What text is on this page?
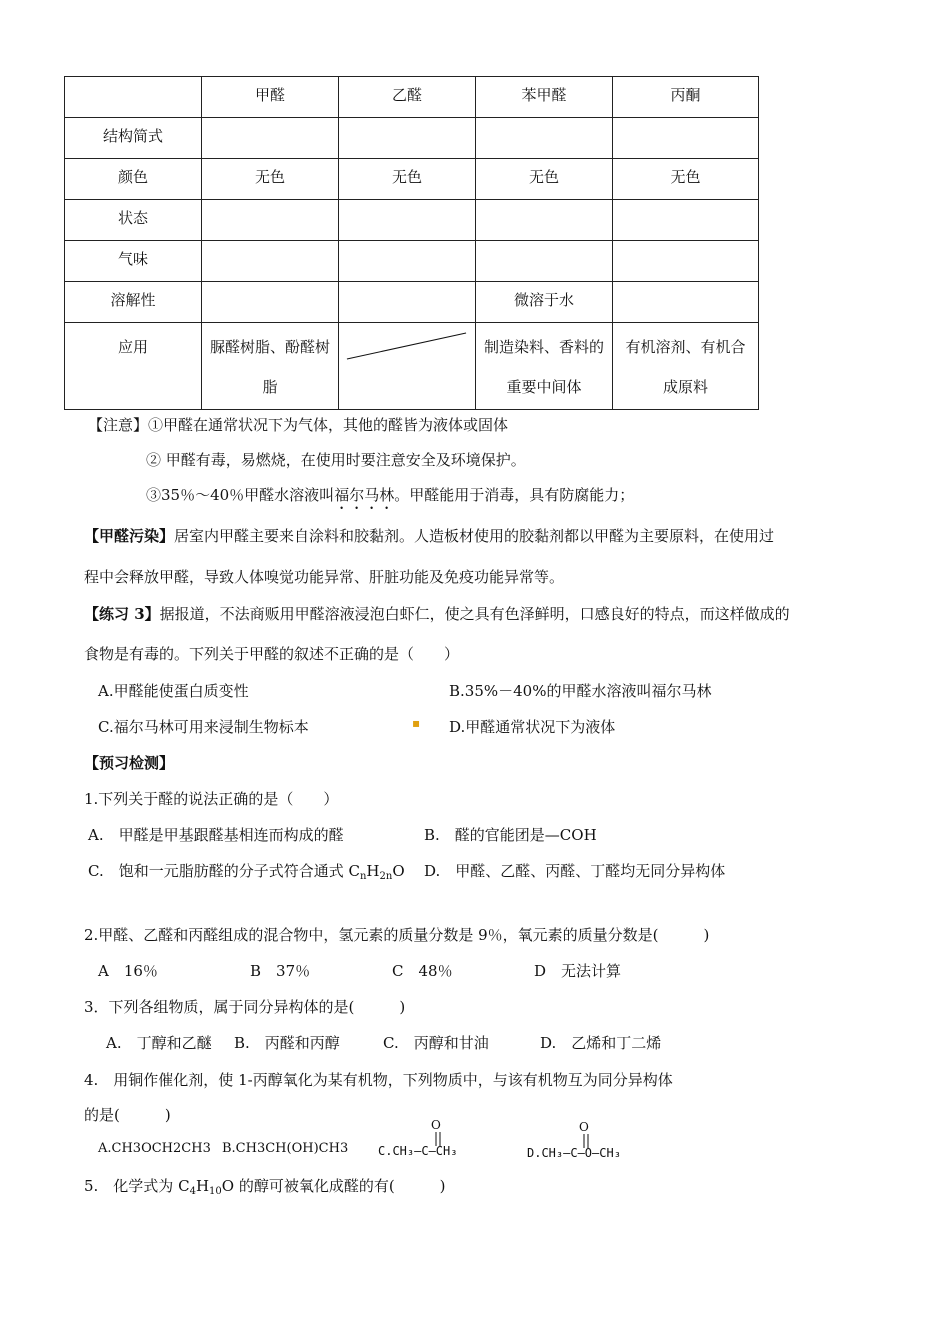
	甲醛	乙醛	苯甲醛	丙酮
结构简式				
颜色	无色	无色	无色	无色
状态				
气味				
溶解性			微溶于水	
应用	脲醛树脂、酚醛树脂		制造染料、香料的重要中间体	有机溶剂、有机合成原料
【注意】①甲醛在通常状况下为气体，其他的醛皆为液体或固体
② 甲醛有毒，易燃烧，在使用时要注意安全及环境保护。
③35％～40％甲醛水溶液叫福尔马林。甲醛能用于消毒，具有防腐能力；
【甲醛污染】居室内甲醛主要来自涂料和胶黏剂。人造板材使用的胶黏剂都以甲醛为主要原料，在使用过
程中会释放甲醛，导致人体嗅觉功能异常、肝脏功能及免疫功能异常等。
【练习 3】据报道，不法商贩用甲醛溶液浸泡白虾仁，使之具有色泽鲜明，口感良好的特点，而这样做成的
食物是有毒的。下列关于甲醛的叙述不正确的是（　　）
A.甲醛能使蛋白质变性	B.35%－40%的甲醛水溶液叫福尔马林
C.福尔马林可用来浸制生物标本	▪ D.甲醛通常状况下为液体
【预习检测】
1.下列关于醛的说法正确的是（　　）
A.　甲醛是甲基跟醛基相连而构成的醛	B.　醛的官能团是—COH
C.　饱和一元脂肪醛的分子式符合通式 $C_nH_{2n}O$ D.　甲醛、乙醛、丙醛、丁醛均无同分异构体
2.甲醛、乙醛和丙醛组成的混合物中，氢元素的质量分数是 9％，氧元素的质量分数是(　　　)
A　16％	B　37％	C　48％	D　无法计算
3．下列各组物质，属于同分异构体的是(　　　)
A.　丁醇和乙醚 B.　丙醛和丙醇	C.　丙醇和甘油	D.　乙烯和丁二烯
4.　用铜作催化剂，使 1-丙醇氧化为某有机物，下列物质中，与该有机物互为同分异构体
的是(　　　)
A.CH3OCH2CH3 B.CH3CH(OH)CH3
O
C.CH₃—C—CH₃
O
D.CH₃—C—O—CH₃
5.　化学式为 $C_4H_{10}O$ 的醇可被氧化成醛的有(　　　)
